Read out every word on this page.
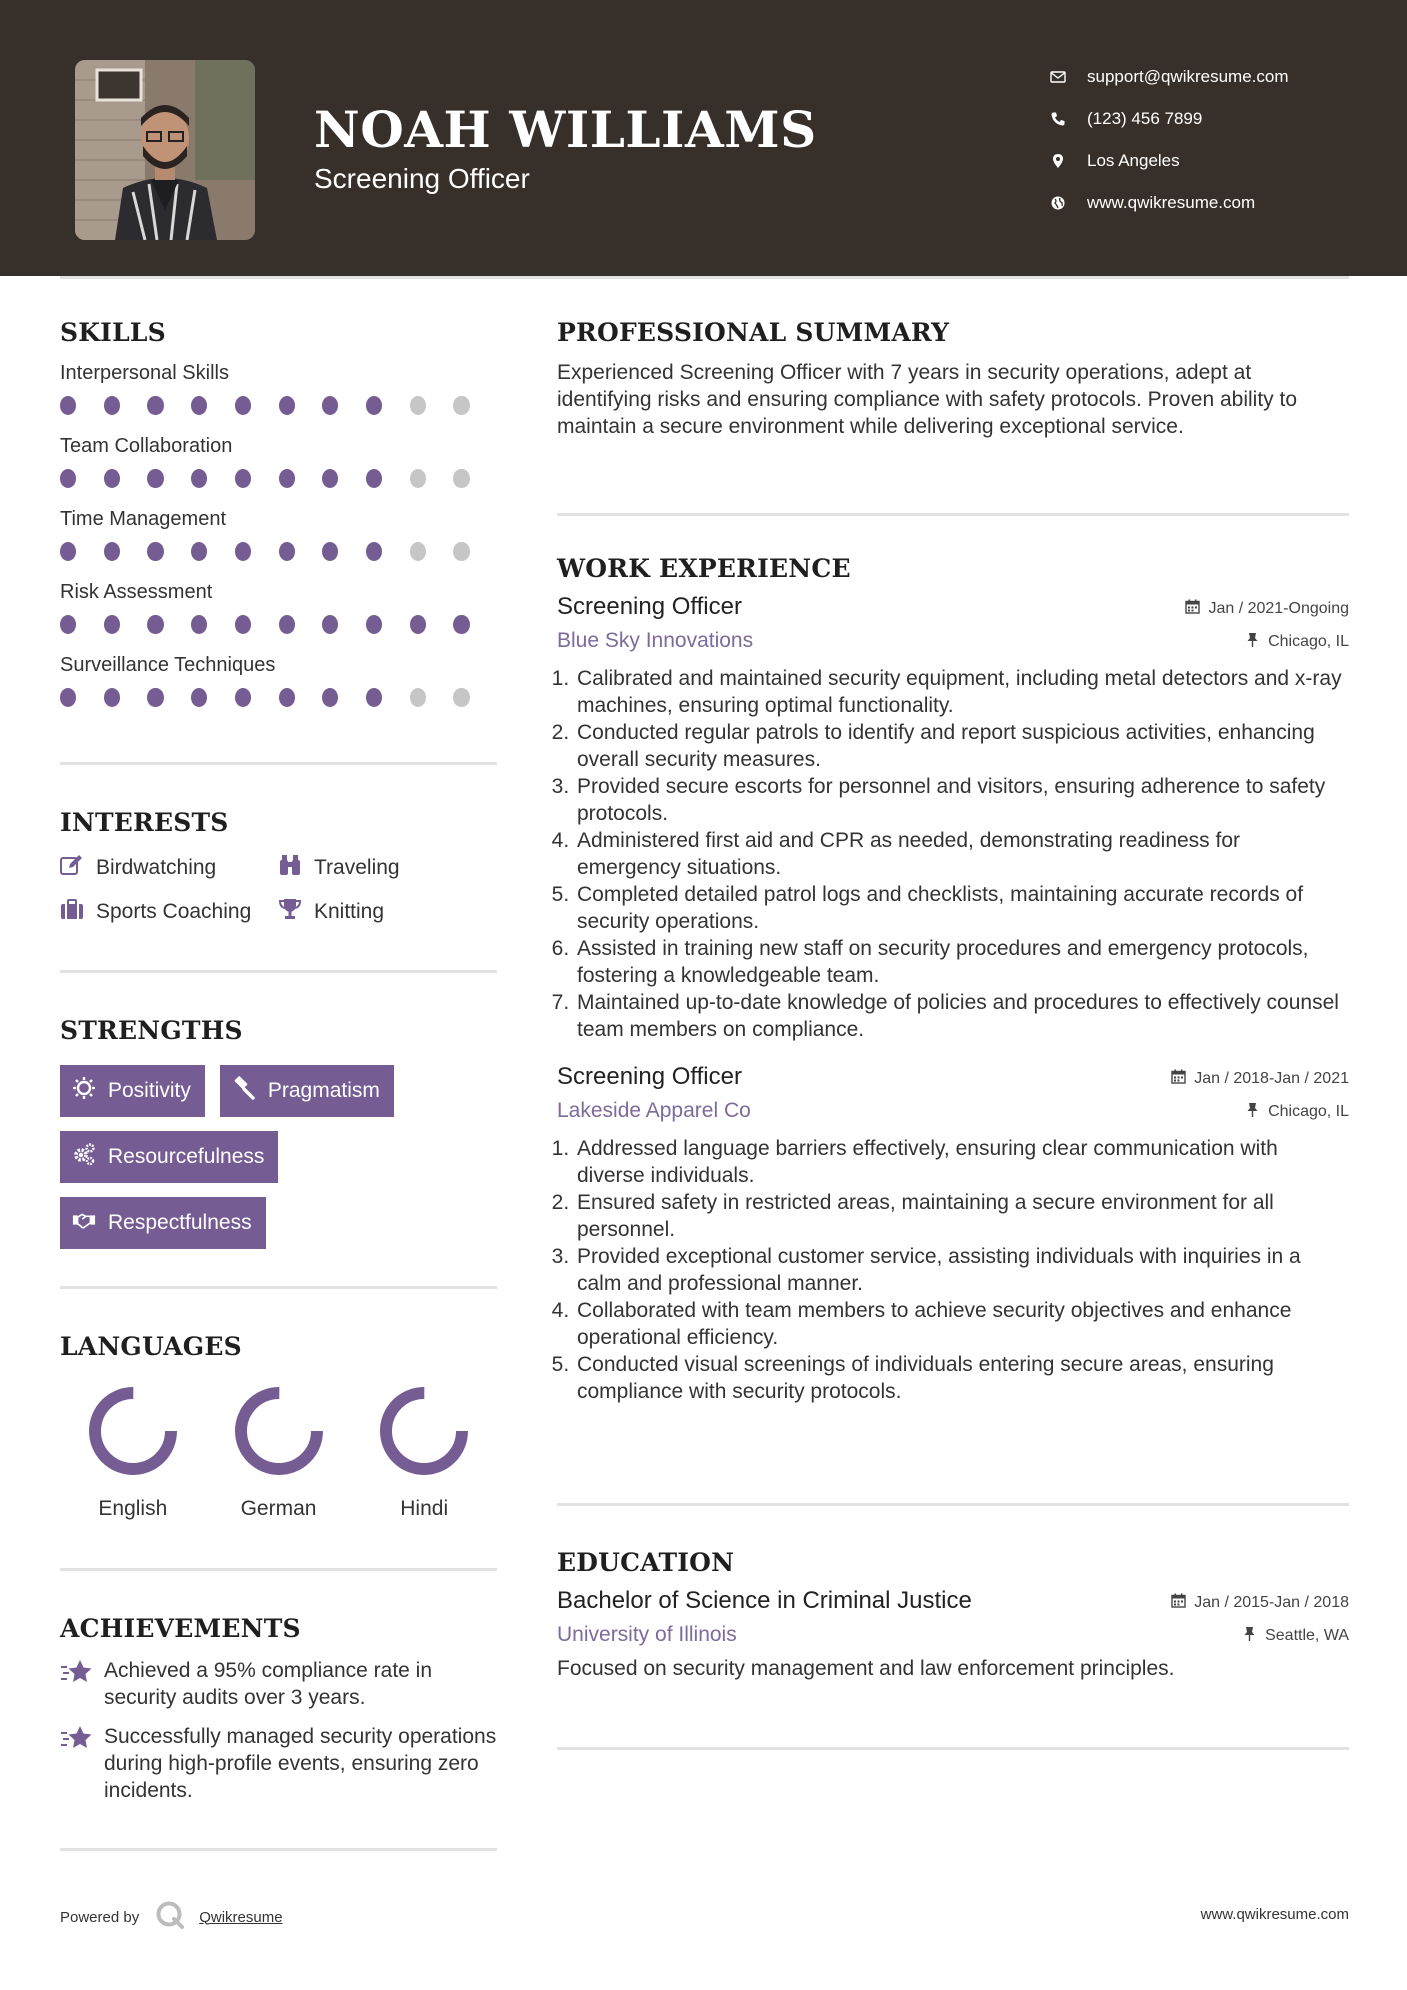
NOAH WILLIAMS
Screening Officer
support@qwikresume.com
(123) 456 7899
Los Angeles
www.qwikresume.com
SKILLS
Interpersonal Skills
Team Collaboration
Time Management
Risk Assessment
Surveillance Techniques
INTERESTS
Birdwatching	Traveling
Sports Coaching	Knitting
STRENGTHS
Positivity	Pragmatism
Resourcefulness
Respectfulness
LANGUAGES
English	German	Hindi
ACHIEVEMENTS
Achieved a 95% compliance rate in security audits over 3 years.
Successfully managed security operations during high-profile events, ensuring zero incidents.
PROFESSIONAL SUMMARY
Experienced Screening Officer with 7 years in security operations, adept at identifying risks and ensuring compliance with safety protocols. Proven ability to maintain a secure environment while delivering exceptional service.
WORK EXPERIENCE
Screening Officer	Jan / 2021-Ongoing
Blue Sky Innovations	Chicago, IL
1. Calibrated and maintained security equipment, including metal detectors and x-ray machines, ensuring optimal functionality.
2. Conducted regular patrols to identify and report suspicious activities, enhancing overall security measures.
3. Provided secure escorts for personnel and visitors, ensuring adherence to safety protocols.
4. Administered first aid and CPR as needed, demonstrating readiness for emergency situations.
5. Completed detailed patrol logs and checklists, maintaining accurate records of security operations.
6. Assisted in training new staff on security procedures and emergency protocols, fostering a knowledgeable team.
7. Maintained up-to-date knowledge of policies and procedures to effectively counsel team members on compliance.
Screening Officer	Jan / 2018-Jan / 2021
Lakeside Apparel Co	Chicago, IL
1. Addressed language barriers effectively, ensuring clear communication with diverse individuals.
2. Ensured safety in restricted areas, maintaining a secure environment for all personnel.
3. Provided exceptional customer service, assisting individuals with inquiries in a calm and professional manner.
4. Collaborated with team members to achieve security objectives and enhance operational efficiency.
5. Conducted visual screenings of individuals entering secure areas, ensuring compliance with security protocols.
EDUCATION
Bachelor of Science in Criminal Justice	Jan / 2015-Jan / 2018
University of Illinois	Seattle, WA
Focused on security management and law enforcement principles.
Powered by	Qwikresume	www.qwikresume.com
